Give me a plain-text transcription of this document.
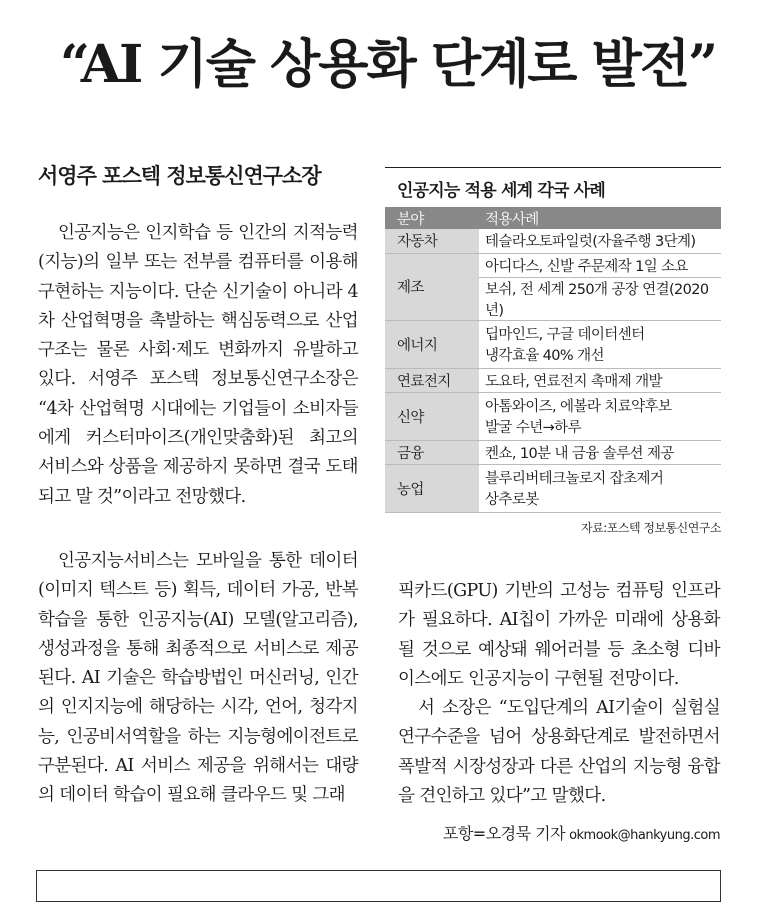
“AI 기술 상용화 단계로 발전”
서영주 포스텍 정보통신연구소장

인공지능은 인지학습 등 인간의 지적능력(지능)의 일부 또는 전부를 컴퓨터를 이용해 구현하는 지능이다. 단순 신기술이 아니라 4차 산업혁명을 촉발하는 핵심동력으로 산업구조는 물론 사회·제도 변화까지 유발하고 있다. 서영주 포스텍 정보통신연구소장은 “4차 산업혁명 시대에는 기업들이 소비자들에게 커스터마이즈(개인맞춤화)된 최고의 서비스와 상품을 제공하지 못하면 결국 도태되고 말 것”이라고 전망했다.

인공지능서비스는 모바일을 통한 데이터(이미지 텍스트 등) 획득, 데이터 가공, 반복학습을 통한 인공지능(AI) 모델(알고리즘), 생성과정을 통해 최종적으로 서비스로 제공된다. AI 기술은 학습방법인 머신러닝, 인간의 인지지능에 해당하는 시각, 언어, 청각지능, 인공비서역할을 하는 지능형에이전트로 구분된다. AI 서비스 제공을 위해서는 대량의 데이터 학습이 필요해 클라우드 및 그래

픽카드(GPU) 기반의 고성능 컴퓨팅 인프라가 필요하다. AI칩이 가까운 미래에 상용화될 것으로 예상돼 웨어러블 등 초소형 디바이스에도 인공지능이 구현될 전망이다.

서 소장은 “도입단계의 AI기술이 실험실 연구수준을 넘어 상용화단계로 발전하면서 폭발적 시장성장과 다른 산업의 지능형 융합을 견인하고 있다”고 말했다.

포항=오경묵 기자 okmook@hankyung.com
인공지능 적용 세계 각국 사례
분야	적용사례
자동차	테슬라오토파일럿(자율주행 3단계)
제조	아디다스, 신발 주문제작 1일 소요
	보쉬, 전 세계 250개 공장 연결(2020년)
에너지	딥마인드, 구글 데이터센터
냉각효율 40% 개선

연료전지	도요타, 연료전지 촉매제 개발
신약	아톰와이즈, 에볼라 치료약후보
발굴 수년→하루

금융	켄쇼, 10분 내 금융 솔루션 제공
농업	블루리버테크놀로지 잡초제거
상추로봇
자료:포스텍 정보통신연구소
